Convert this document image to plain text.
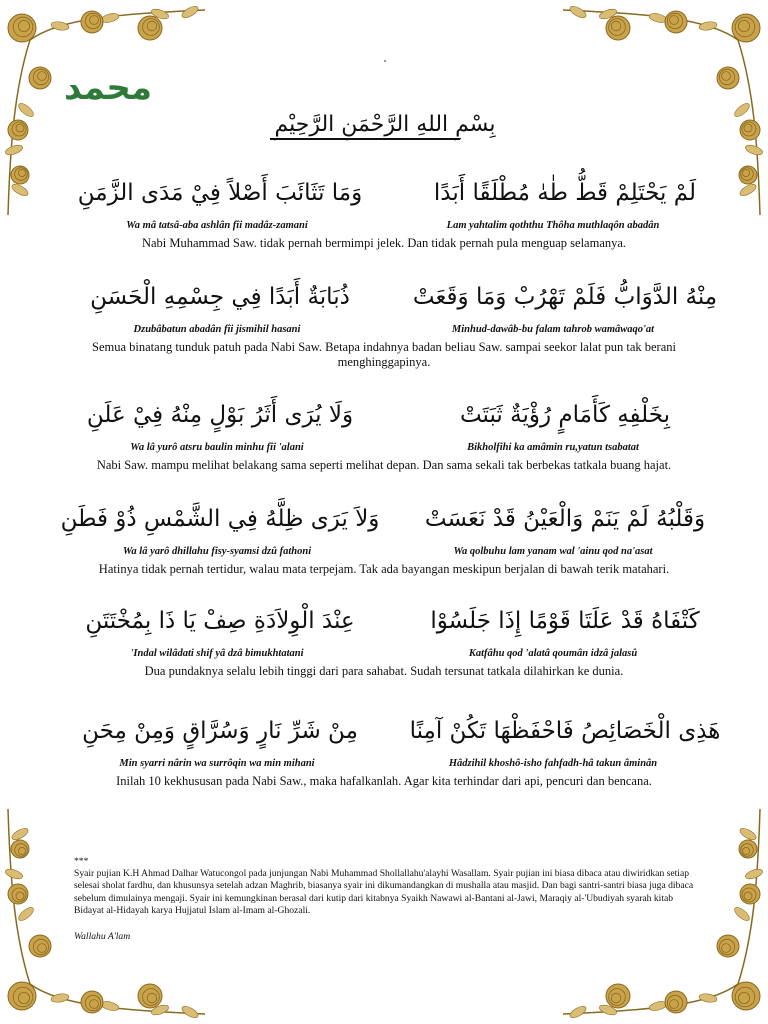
محمد
بِسْمِ اللهِ الرَّحْمَنِ الرَّحِيْمِ
لَمْ يَحْتَلِمْ قَطُّ طٰهٰ مُطْلَقًا أَبَدًا
وَمَا تَثَائَبَ أَصْلاً فِيْ مَدَى الزَّمَنِ
Lam yahtalim qoththu Thôha muthlaqôn abadân
Wa mâ tatsâ-aba ashlân fîi madâz-zamani
Nabi Muhammad Saw. tidak pernah bermimpi jelek. Dan tidak pernah pula menguap selamanya.
مِنْهُ الدَّوَابُّ فَلَمْ تَهْرُبْ وَمَا وَقَعَتْ
ذُبَابَةٌ أَبَدًا فِي جِسْمِهِ الْحَسَنِ
Minhud-dawâb-bu falam tahrob wamâwaqo'at
Dzubâbatun abadân fîi jismihil hasani
Semua binatang tunduk patuh pada Nabi Saw. Betapa indahnya badan beliau Saw. sampai seekor lalat pun tak berani menghinggapinya.
بِخَلْفِهِ كَأَمَامٍ رُؤْيَةٌ ثَبَتَتْ
وَلَا يُرَى أَثَرُ بَوْلٍ مِنْهُ فِيْ عَلَنِ
Bikholfihi ka amâmin ru,yatun tsabatat
Wa lâ yurô atsru baulin minhu fîi 'alani
Nabi Saw. mampu melihat belakang sama seperti melihat depan. Dan sama sekali tak berbekas tatkala buang hajat.
وَقَلْبُهُ لَمْ يَنَمْ وَالْعَيْنُ قَدْ نَعَسَتْ
وَلاَ يَرَى ظِلَّهُ فِي الشَّمْسِ ذُوْ فَطَنِ
Wa qolbuhu lam yanam wal 'ainu qod na'asat
Wa lâ yarô dhillahu fisy-syamsi dzû fathoni
Hatinya tidak pernah tertidur, walau mata terpejam. Tak ada bayangan meskipun berjalan di bawah terik matahari.
كَتْفَاهُ قَدْ عَلَتَا قَوْمًا إِذَا جَلَسُوْا
عِنْدَ الْوِلاَدَةِ صِفْ يَا ذَا بِمُخْتَتَنِ
Katfâhu qod 'alatâ qoumân idzâ jalasû
'Indal wilâdati shif yâ dzâ bimukhtatani
Dua pundaknya selalu lebih tinggi dari para sahabat. Sudah tersunat tatkala dilahirkan ke dunia.
هَذِى الْخَصَائِصُ فَاحْفَظْهَا تَكُنْ آمِنًا
مِنْ شَرِّ نَارٍ وَسُرَّاقٍ وَمِنْ مِحَنِ
Hâdzihil khoshô-isho fahfadh-hâ takun âminân
Min syarri nârin wa surrôqin wa min mihani
Inilah 10 kekhususan pada Nabi Saw., maka hafalkanlah. Agar kita terhindar dari api, pencuri dan bencana.
***
Syair pujian K.H Ahmad Dalhar Watucongol pada junjungan Nabi Muhammad Shollallahu'alayhi Wasallam. Syair pujian ini biasa dibaca atau diwiridkan setiap selesai sholat fardhu, dan khusunsya setelah adzan Maghrib, biasanya syair ini dikumandangkan di mushalla atau masjid. Dan bagi santri-santri biasa juga dibaca sebelum dimulainya mengaji. Syair ini kemungkinan berasal dari kutip dari kitabnya Syaikh Nawawi al-Bantani al-Jawi, Maraqiy al-'Ubudiyah syarah kitab Bidayat al-Hidayah karya Hujjatul Islam al-Imam al-Ghozali.
Wallahu A'lam
